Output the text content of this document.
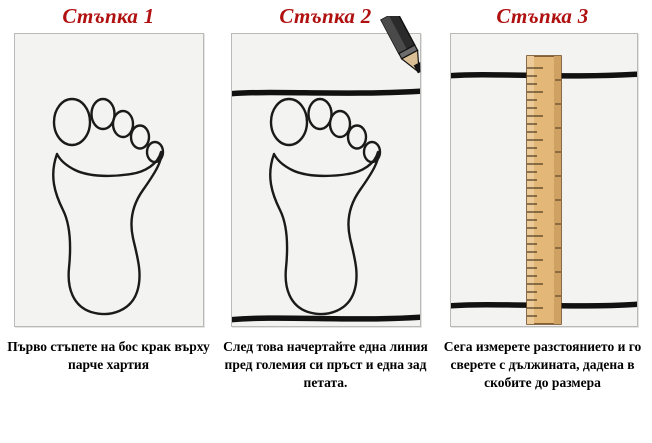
Стъпка 1
Първо стъпете на бос крак върху парче хартия
Стъпка 2
След това начертайте една линия пред големия си пръст и една зад петата.
Стъпка 3
Сега измерете разстоянието и го сверете с дължината, дадена в скобите до размера
